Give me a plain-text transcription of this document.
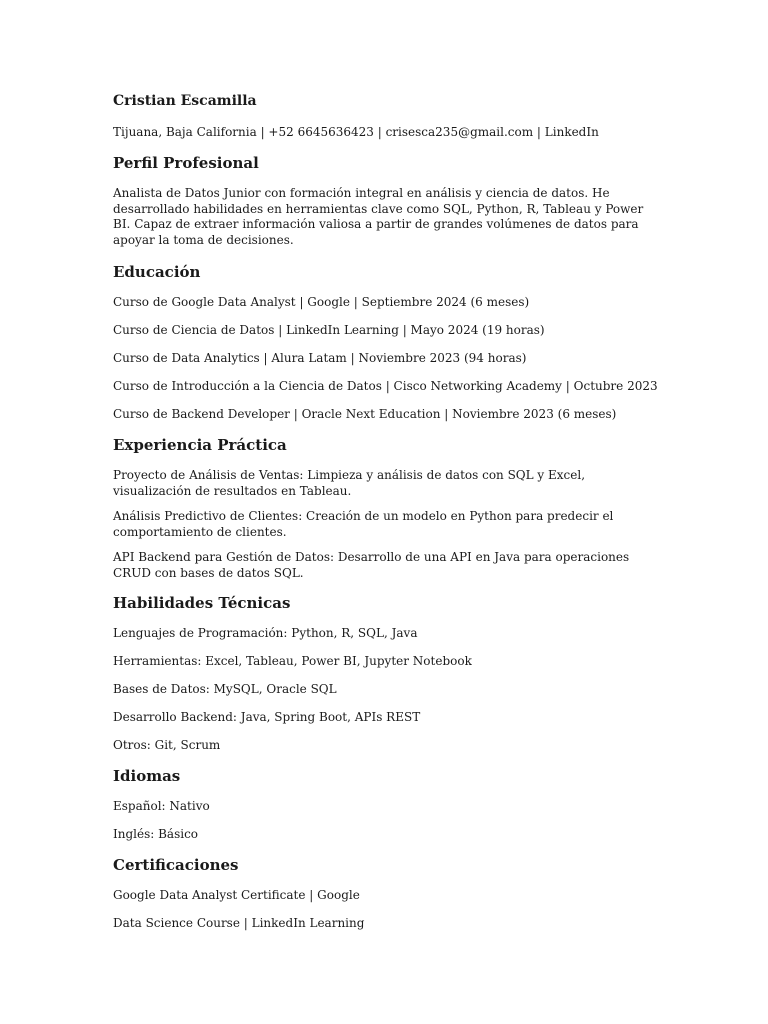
Cristian Escamilla
Tijuana, Baja California | +52 6645636423 | crisesca235@gmail.com | LinkedIn
Perfil Profesional

Analista de Datos Junior con formación integral en análisis y ciencia de datos. He desarrollado habilidades en herramientas clave como SQL, Python, R, Tableau y Power BI. Capaz de extraer información valiosa a partir de grandes volúmenes de datos para apoyar la toma de decisiones.

Educación
Curso de Google Data Analyst | Google | Septiembre 2024 (6 meses)
Curso de Ciencia de Datos | LinkedIn Learning | Mayo 2024 (19 horas)
Curso de Data Analytics | Alura Latam | Noviembre 2023 (94 horas)
Curso de Introducción a la Ciencia de Datos | Cisco Networking Academy | Octubre 2023
Curso de Backend Developer | Oracle Next Education | Noviembre 2023 (6 meses)
Experiencia Práctica

Proyecto de Análisis de Ventas: Limpieza y análisis de datos con SQL y Excel, visualización de resultados en Tableau.

Análisis Predictivo de Clientes: Creación de un modelo en Python para predecir el comportamiento de clientes.

API Backend para Gestión de Datos: Desarrollo de una API en Java para operaciones CRUD con bases de datos SQL.

Habilidades Técnicas
Lenguajes de Programación: Python, R, SQL, Java
Herramientas: Excel, Tableau, Power BI, Jupyter Notebook
Bases de Datos: MySQL, Oracle SQL
Desarrollo Backend: Java, Spring Boot, APIs REST
Otros: Git, Scrum
Idiomas
Español: Nativo
Inglés: Básico
Certificaciones
Google Data Analyst Certificate | Google
Data Science Course | LinkedIn Learning
